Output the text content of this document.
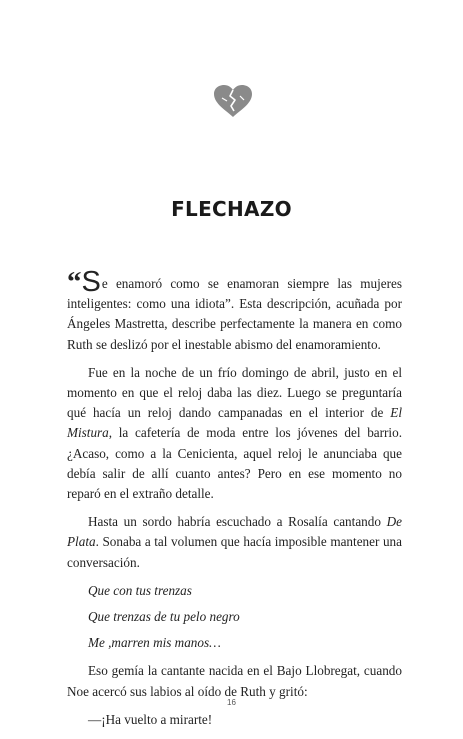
FLECHAZO

“Se enamoró como se enamoran siempre las mujeres inteligentes: como una idiota”. Esta descripción, acuñada por Ángeles Mastretta, describe perfectamente la manera en como Ruth se deslizó por el inestable abismo del enamoramiento.

Fue en la noche de un frío domingo de abril, justo en el momento en que el reloj daba las diez. Luego se preguntaría qué hacía un reloj dando campanadas en el interior de El Mistura, la cafetería de moda entre los jóvenes del barrio. ¿Acaso, como a la Cenicienta, aquel reloj le anunciaba que debía salir de allí cuanto antes? Pero en ese momento no reparó en el extraño detalle.

Hasta un sordo habría escuchado a Rosalía cantando De Plata. Sonaba a tal volumen que hacía imposible mantener una conversación.

Que con tus trenzas

Que trenzas de tu pelo negro

Me ,marren mis manos…

Eso gemía la cantante nacida en el Bajo Llobregat, cuando Noe acercó sus labios al oído de Ruth y gritó:

—¡Ha vuelto a mirarte!

16
